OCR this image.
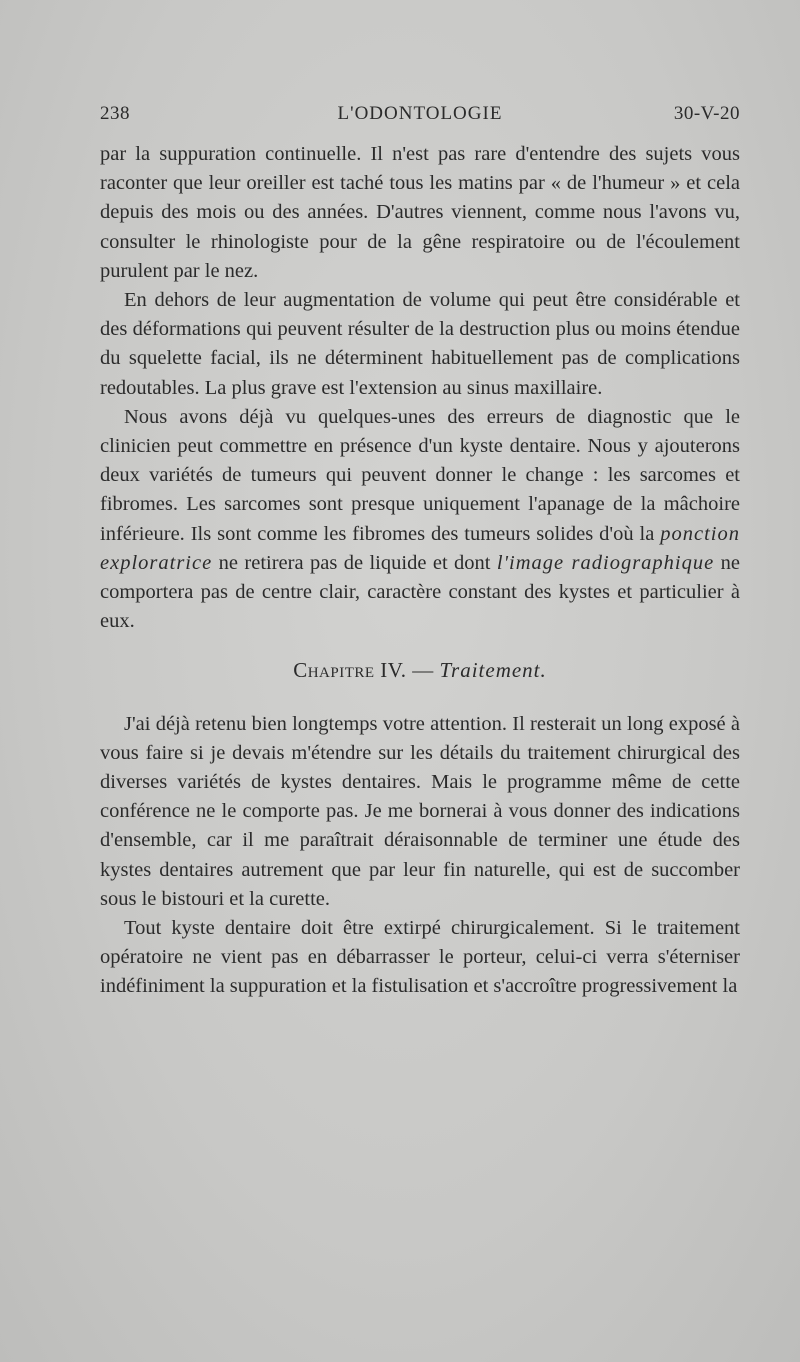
238	L'ODONTOLOGIE	30-V-20

par la suppuration continuelle. Il n'est pas rare d'entendre des sujets vous raconter que leur oreiller est taché tous les matins par « de l'humeur » et cela depuis des mois ou des années. D'autres viennent, comme nous l'avons vu, consulter le rhinologiste pour de la gêne respiratoire ou de l'écoulement purulent par le nez.

En dehors de leur augmentation de volume qui peut être considérable et des déformations qui peuvent résulter de la destruction plus ou moins étendue du squelette facial, ils ne déterminent habituellement pas de complications redoutables. La plus grave est l'extension au sinus maxillaire.

Nous avons déjà vu quelques-unes des erreurs de diagnostic que le clinicien peut commettre en présence d'un kyste dentaire. Nous y ajouterons deux variétés de tumeurs qui peuvent donner le change : les sarcomes et fibromes. Les sarcomes sont presque uniquement l'apanage de la mâchoire inférieure. Ils sont comme les fibromes des tumeurs solides d'où la ponction exploratrice ne retirera pas de liquide et dont l'image radiographique ne comportera pas de centre clair, caractère constant des kystes et particulier à eux.

Chapitre IV. — Traitement.

J'ai déjà retenu bien longtemps votre attention. Il resterait un long exposé à vous faire si je devais m'étendre sur les détails du traitement chirurgical des diverses variétés de kystes dentaires. Mais le programme même de cette conférence ne le comporte pas. Je me bornerai à vous donner des indications d'ensemble, car il me paraîtrait déraisonnable de terminer une étude des kystes dentaires autrement que par leur fin naturelle, qui est de succomber sous le bistouri et la curette.

Tout kyste dentaire doit être extirpé chirurgicalement. Si le traitement opératoire ne vient pas en débarrasser le porteur, celui-ci verra s'éterniser indéfiniment la suppuration et la fistulisation et s'accroître progressivement la
